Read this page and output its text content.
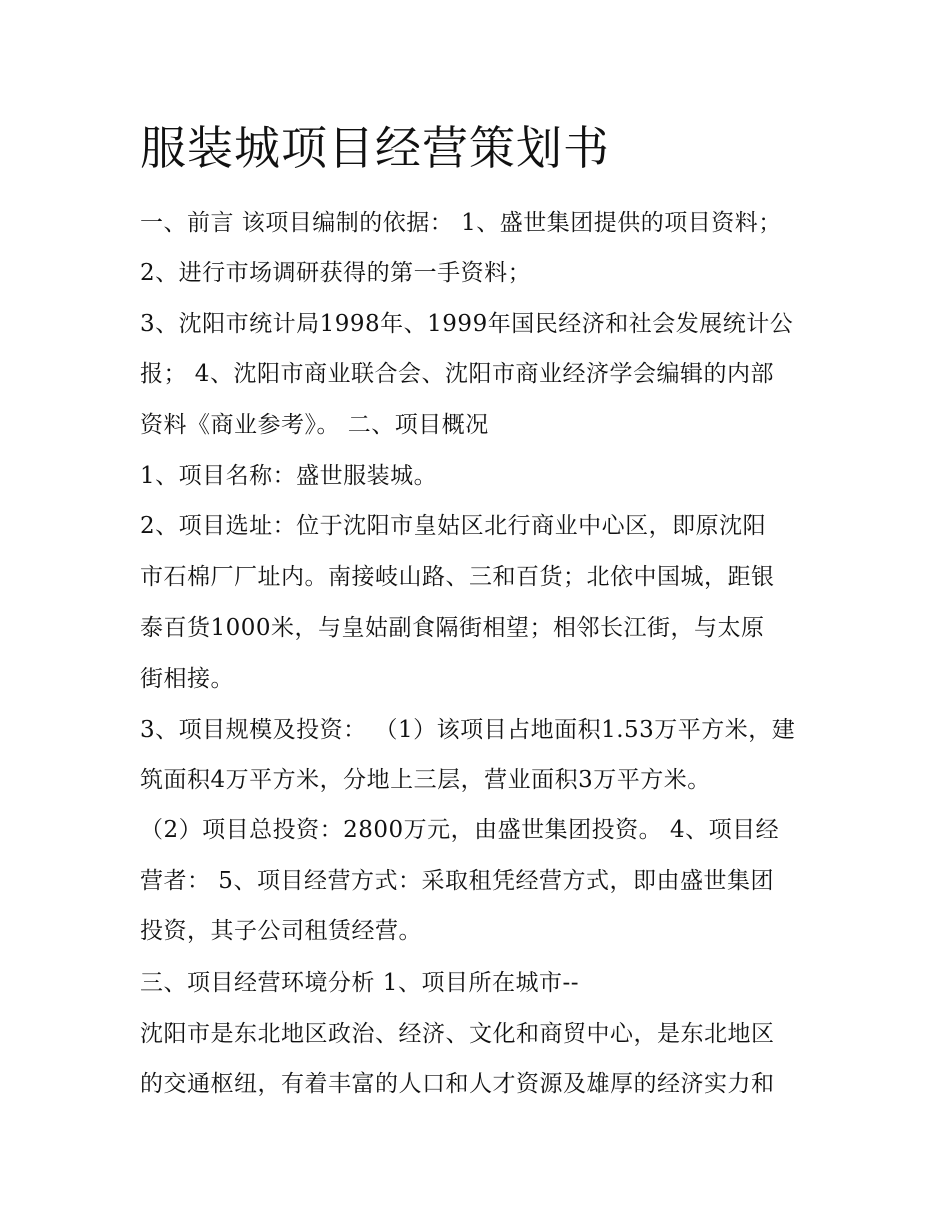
服装城项目经营策划书

一、前言 该项目编制的依据： 1、盛世集团提供的项目资料；

2、进行市场调研获得的第一手资料；

3、沈阳市统计局1998年、1999年国民经济和社会发展统计公

报； 4、沈阳市商业联合会、沈阳市商业经济学会编辑的内部

资料《商业参考》。 二、项目概况

1、项目名称：盛世服装城。

2、项目选址：位于沈阳市皇姑区北行商业中心区，即原沈阳

市石棉厂厂址内。南接岐山路、三和百货；北依中国城，距银

泰百货1000米，与皇姑副食隔街相望；相邻长江街，与太原

街相接。

3、项目规模及投资： （1）该项目占地面积1.53万平方米，建

筑面积4万平方米，分地上三层，营业面积3万平方米。

（2）项目总投资：2800万元，由盛世集团投资。 4、项目经

营者： 5、项目经营方式：采取租凭经营方式，即由盛世集团

投资，其子公司租赁经营。

三、项目经营环境分析 1、项目所在城市--

沈阳市是东北地区政治、经济、文化和商贸中心，是东北地区

的交通枢纽，有着丰富的人口和人才资源及雄厚的经济实力和
